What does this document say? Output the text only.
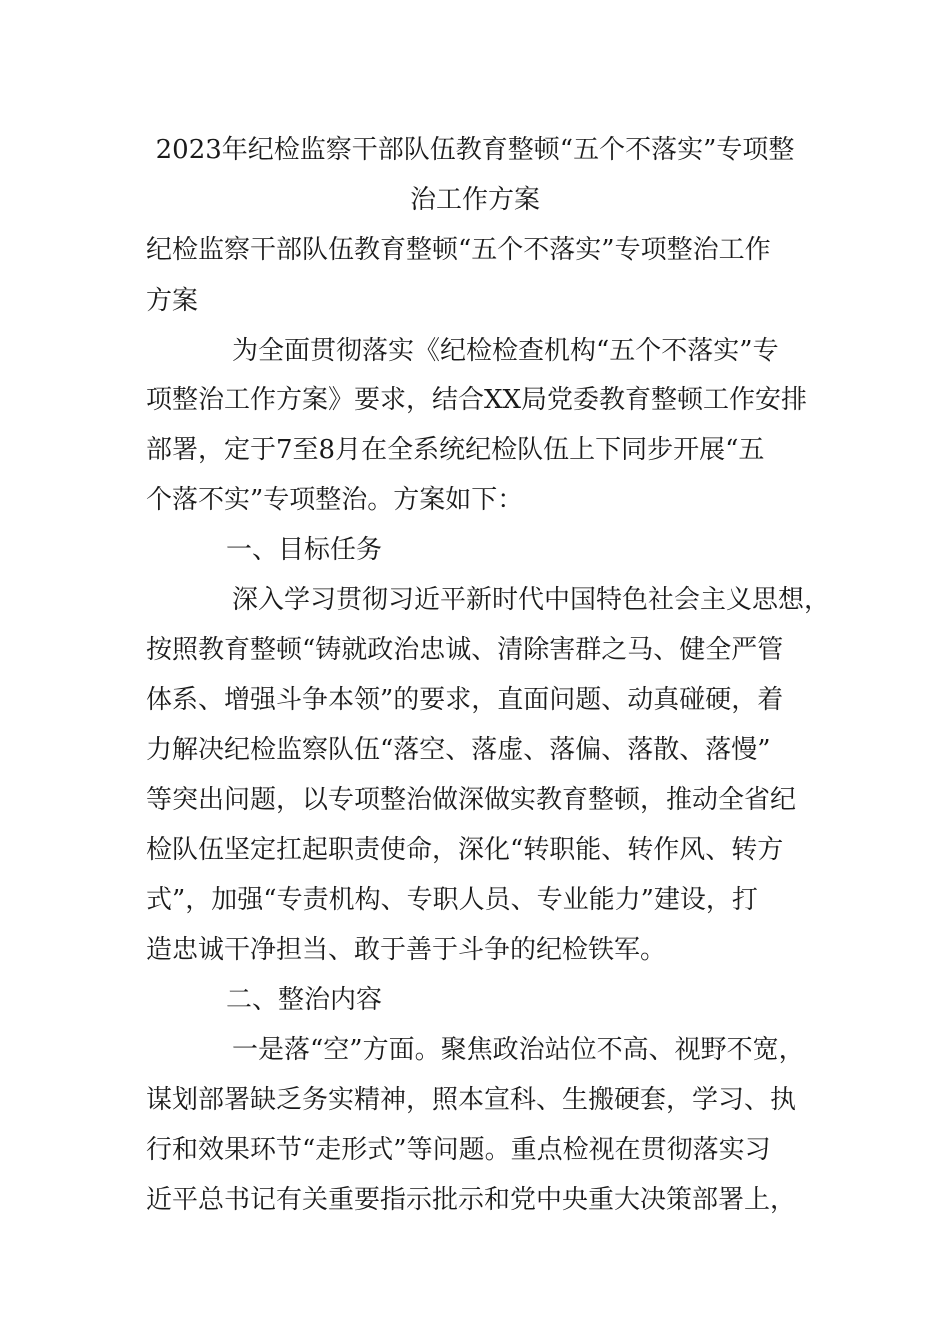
2023年纪检监察干部队伍教育整顿“五个不落实”专项整
治工作方案
纪检监察干部队伍教育整顿“五个不落实”专项整治工作
方案
为全面贯彻落实《纪检检查机构“五个不落实”专
项整治工作方案》要求，结合XX局党委教育整顿工作安排
部署，定于7至8月在全系统纪检队伍上下同步开展“五
个落不实”专项整治。方案如下：
一、目标任务
深入学习贯彻习近平新时代中国特色社会主义思想，
按照教育整顿“铸就政治忠诚、清除害群之马、健全严管
体系、增强斗争本领”的要求，直面问题、动真碰硬，着
力解决纪检监察队伍“落空、落虚、落偏、落散、落慢”
等突出问题，以专项整治做深做实教育整顿，推动全省纪
检队伍坚定扛起职责使命，深化“转职能、转作风、转方
式”，加强“专责机构、专职人员、专业能力”建设，打
造忠诚干净担当、敢于善于斗争的纪检铁军。
二、整治内容
一是落“空”方面。聚焦政治站位不高、视野不宽，
谋划部署缺乏务实精神，照本宣科、生搬硬套，学习、执
行和效果环节“走形式”等问题。重点检视在贯彻落实习
近平总书记有关重要指示批示和党中央重大决策部署上，
